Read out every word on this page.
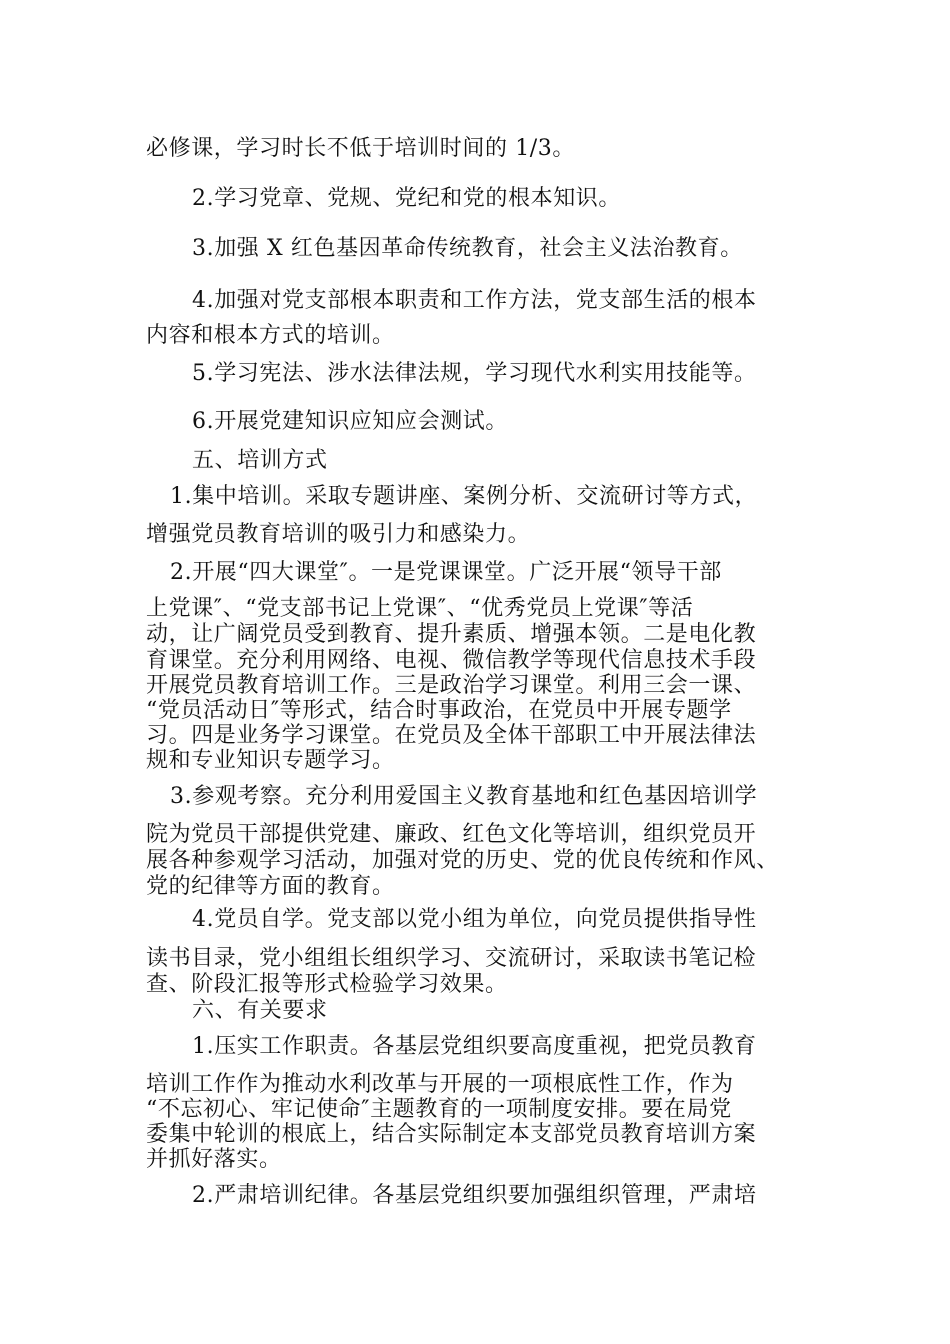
必修课，学习时长不低于培训时间的 1/3。
2.学习党章、党规、党纪和党的根本知识。
3.加强 X 红色基因革命传统教育，社会主义法治教育。
4.加强对党支部根本职责和工作方法，党支部生活的根本
内容和根本方式的培训。
5.学习宪法、涉水法律法规，学习现代水利实用技能等。
6.开展党建知识应知应会测试。
五、培训方式
1.集中培训。采取专题讲座、案例分析、交流研讨等方式，
增强党员教育培训的吸引力和感染力。
2.开展“四大课堂″。一是党课课堂。广泛开展“领导干部
上党课″、“党支部书记上党课″、“优秀党员上党课″等活
动，让广阔党员受到教育、提升素质、增强本领。二是电化教
育课堂。充分利用网络、电视、微信教学等现代信息技术手段
开展党员教育培训工作。三是政治学习课堂。利用三会一课、
“党员活动日″等形式，结合时事政治，在党员中开展专题学
习。四是业务学习课堂。在党员及全体干部职工中开展法律法
规和专业知识专题学习。
3.参观考察。充分利用爱国主义教育基地和红色基因培训学
院为党员干部提供党建、廉政、红色文化等培训，组织党员开
展各种参观学习活动，加强对党的历史、党的优良传统和作风、
党的纪律等方面的教育。
4.党员自学。党支部以党小组为单位，向党员提供指导性
读书目录，党小组组长组织学习、交流研讨，采取读书笔记检
查、阶段汇报等形式检验学习效果。
六、有关要求
1.压实工作职责。各基层党组织要高度重视，把党员教育
培训工作作为推动水利改革与开展的一项根底性工作，作为
“不忘初心、牢记使命″主题教育的一项制度安排。要在局党
委集中轮训的根底上，结合实际制定本支部党员教育培训方案
并抓好落实。
2.严肃培训纪律。各基层党组织要加强组织管理，严肃培
